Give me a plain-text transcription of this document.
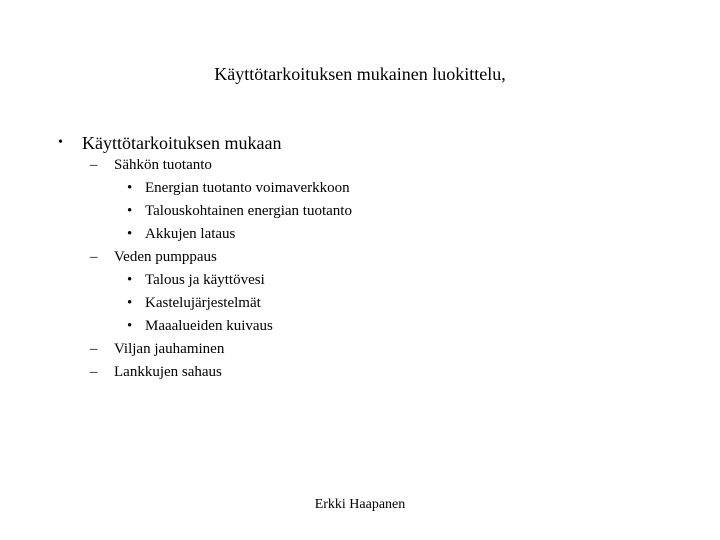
Käyttötarkoituksen mukainen luokittelu,
• Käyttötarkoituksen mukaan
– Sähkön tuotanto
• Energian tuotanto voimaverkkoon
• Talouskohtainen energian tuotanto
• Akkujen lataus
– Veden pumppaus
• Talous ja käyttövesi
• Kastelujärjestelmät
• Maaalueiden kuivaus
– Viljan jauhaminen
– Lankkujen sahaus
Erkki Haapanen
